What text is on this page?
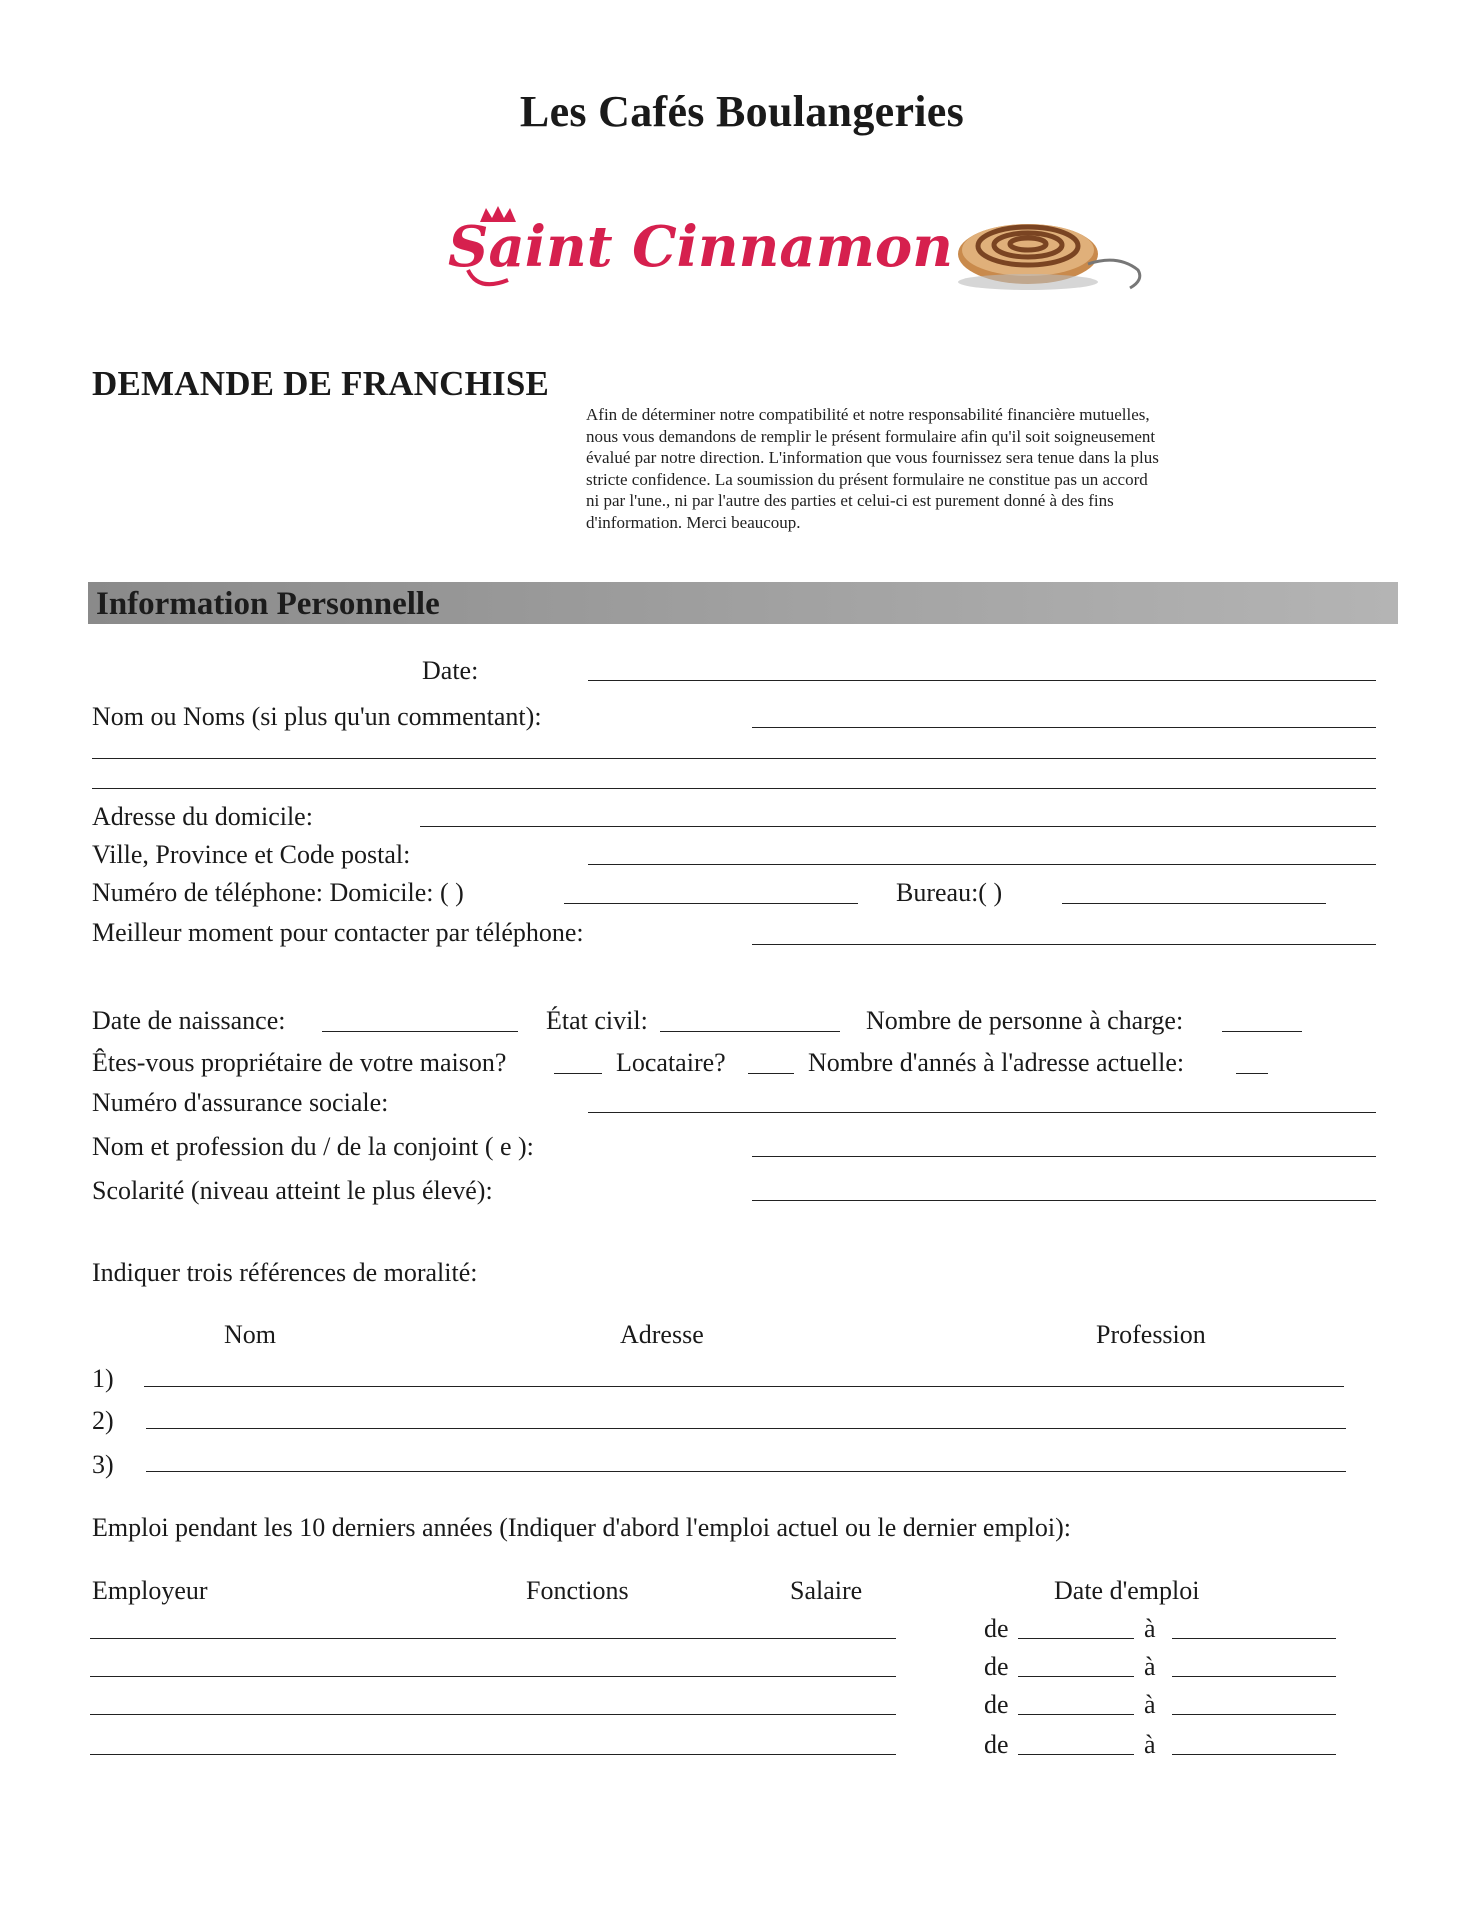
Les Cafés Boulangeries
Saint Cinnamon
DEMANDE DE FRANCHISE
Afin de déterminer notre compatibilité et notre responsabilité financière mutuelles,
nous vous demandons de remplir le présent formulaire afin qu'il soit soigneusement
évalué par notre direction. L'information que vous fournissez sera tenue dans la plus
stricte confidence. La soumission du présent formulaire ne constitue pas un accord
ni par l'une., ni par l'autre des parties et celui-ci est purement donné à des fins
d'information. Merci beaucoup.
Information Personnelle
Date:
Nom ou Noms (si plus qu'un commentant):
Adresse du domicile:
Ville, Province et Code postal:
Numéro de téléphone: Domicile: ( )	Bureau:( )
Meilleur moment pour contacter par téléphone:
Date de naissance:	État civil:	Nombre de personne à charge:
Êtes-vous propriétaire de votre maison?	Locataire?	Nombre d'annés à l'adresse actuelle:
Numéro d'assurance sociale:
Nom et profession du / de la conjoint ( e ):
Scolarité (niveau atteint le plus élevé):
Indiquer trois références de moralité:
Nom	Adresse	Profession
1)
2)
3)
Emploi pendant les 10 derniers années (Indiquer d'abord l'emploi actuel ou le dernier emploi):
Employeur	Fonctions	Salaire	Date d'emploi
de	à
de	à
de	à
de	à
